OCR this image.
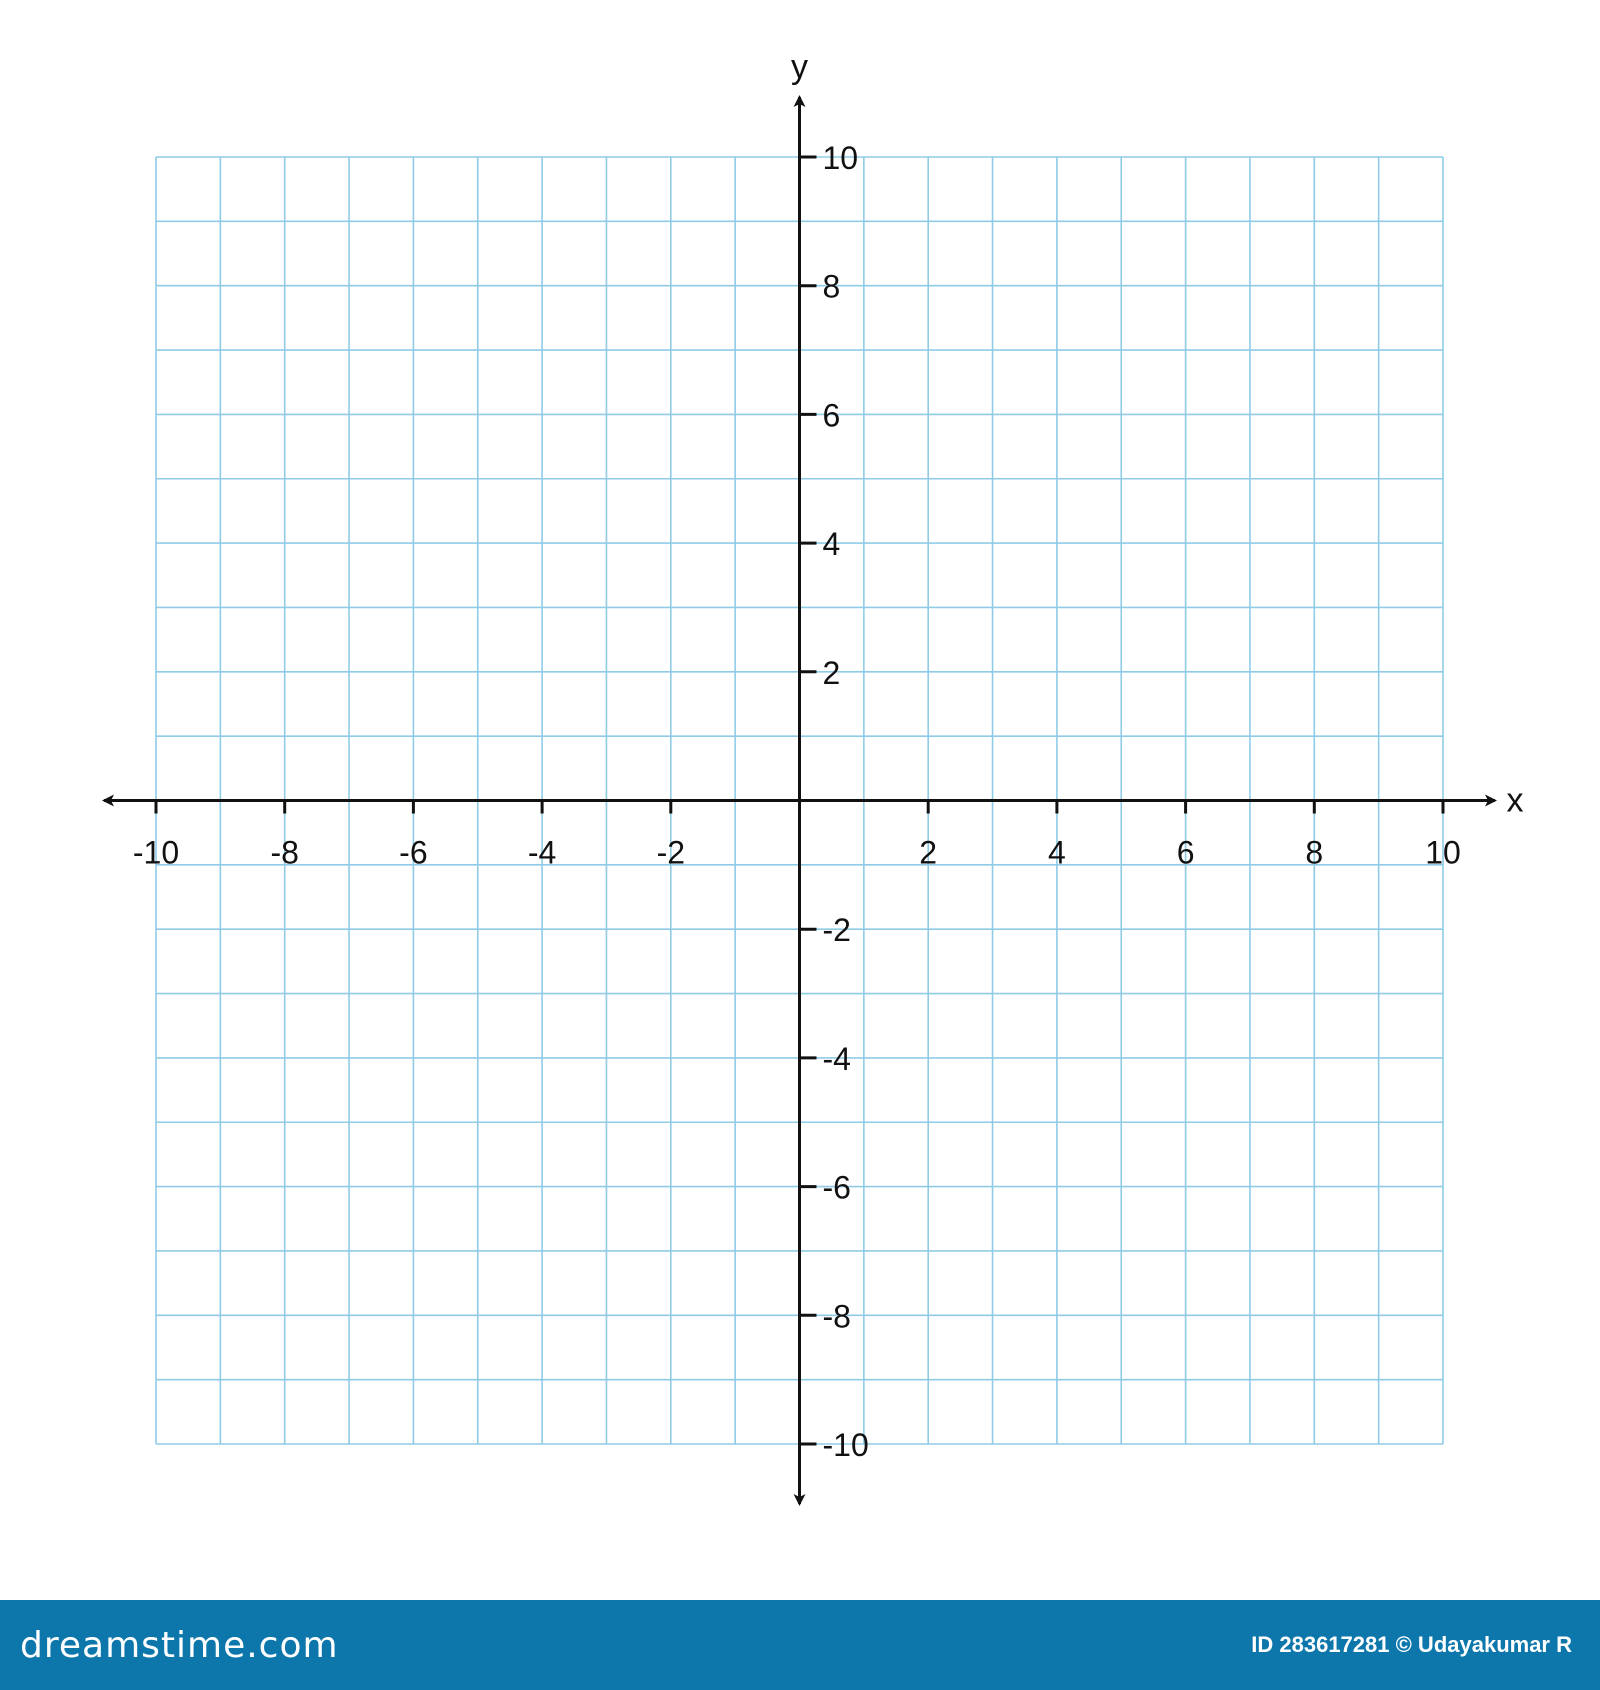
-10	-8	-6	-4	-2	2	4	6	8	10
-10
-8
-6
-4
-2
2
4
6
8
10
x
y
dreamstime.com	ID 283617281 © Udayakumar R
